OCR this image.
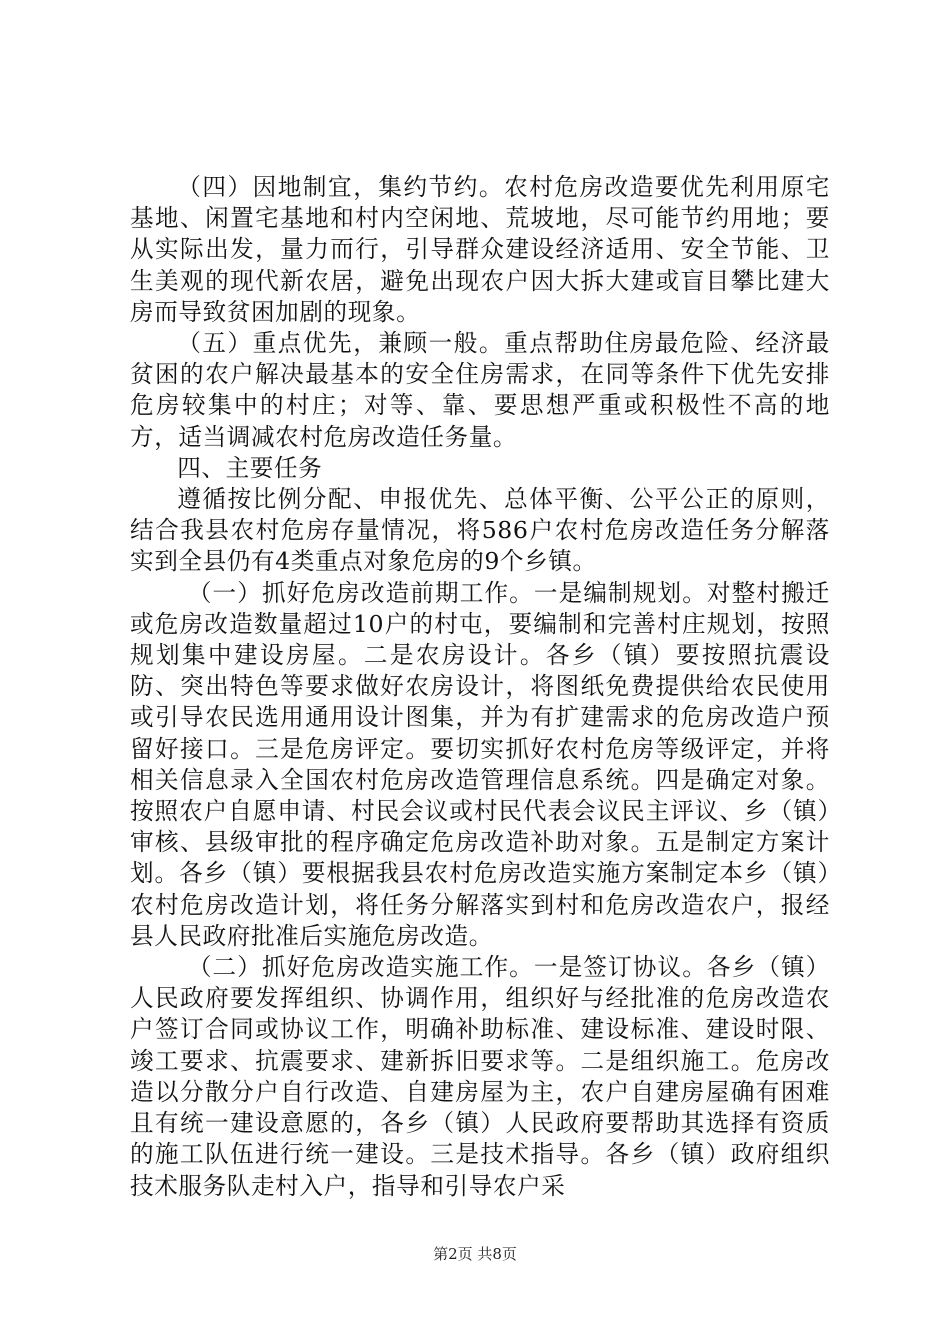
（四）因地制宜，集约节约。农村危房改造要优先利用原宅基地、闲置宅基地和村内空闲地、荒坡地，尽可能节约用地；要从实际出发，量力而行，引导群众建设经济适用、安全节能、卫生美观的现代新农居，避免出现农户因大拆大建或盲目攀比建大房而导致贫困加剧的现象。

（五）重点优先，兼顾一般。重点帮助住房最危险、经济最贫困的农户解决最基本的安全住房需求，在同等条件下优先安排危房较集中的村庄；对等、靠、要思想严重或积极性不高的地方，适当调减农村危房改造任务量。

四、主要任务

遵循按比例分配、申报优先、总体平衡、公平公正的原则，结合我县农村危房存量情况，将586户农村危房改造任务分解落实到全县仍有4类重点对象危房的9个乡镇。

（一）抓好危房改造前期工作。一是编制规划。对整村搬迁或危房改造数量超过10户的村屯，要编制和完善村庄规划，按照规划集中建设房屋。二是农房设计。各乡（镇）要按照抗震设防、突出特色等要求做好农房设计，将图纸免费提供给农民使用或引导农民选用通用设计图集，并为有扩建需求的危房改造户预留好接口。三是危房评定。要切实抓好农村危房等级评定，并将相关信息录入全国农村危房改造管理信息系统。四是确定对象。按照农户自愿申请、村民会议或村民代表会议民主评议、乡（镇）审核、县级审批的程序确定危房改造补助对象。五是制定方案计划。各乡（镇）要根据我县农村危房改造实施方案制定本乡（镇）农村危房改造计划，将任务分解落实到村和危房改造农户，报经县人民政府批准后实施危房改造。

（二）抓好危房改造实施工作。一是签订协议。各乡（镇）人民政府要发挥组织、协调作用，组织好与经批准的危房改造农户签订合同或协议工作，明确补助标准、建设标准、建设时限、竣工要求、抗震要求、建新拆旧要求等。二是组织施工。危房改造以分散分户自行改造、自建房屋为主，农户自建房屋确有困难且有统一建设意愿的，各乡（镇）人民政府要帮助其选择有资质的施工队伍进行统一建设。三是技术指导。各乡（镇）政府组织技术服务队走村入户，指导和引导农户采

第2页 共8页
